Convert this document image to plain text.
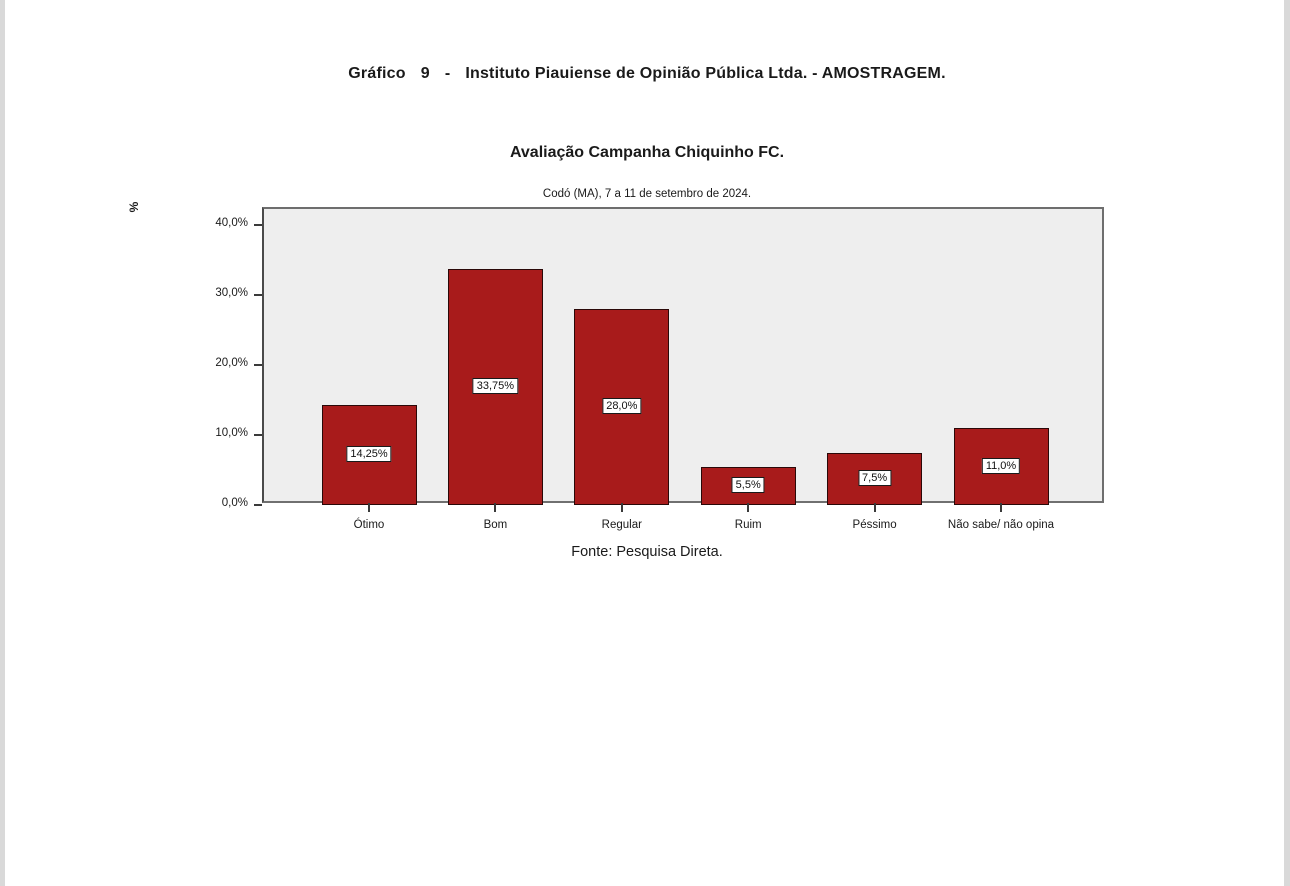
Gráfico 9 - Instituto Piauiense de Opinião Pública Ltda. - AMOSTRAGEM.
Avaliação Campanha Chiquinho FC.
Codó (MA), 7 a 11 de setembro de 2024.
%
0,0%
10,0%
20,0%
30,0%
40,0%
14,25%
Ótimo
33,75%
Bom
28,0%
Regular
5,5%
Ruim
7,5%
Péssimo
11,0%
Não sabe/ não opina
Fonte: Pesquisa Direta.
